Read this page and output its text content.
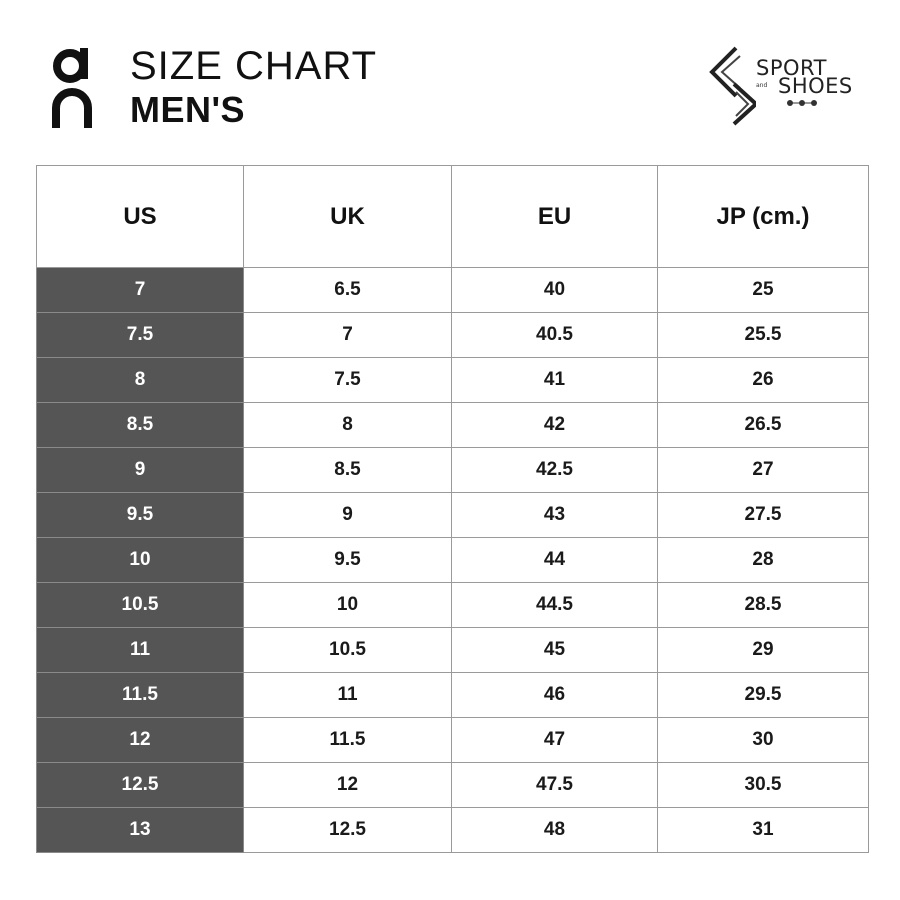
SIZE CHART
MEN'S
SPORT
and SHOES
US	UK	EU	JP (cm.)
7	6.5	40	25
7.5	7	40.5	25.5
8	7.5	41	26
8.5	8	42	26.5
9	8.5	42.5	27
9.5	9	43	27.5
10	9.5	44	28
10.5	10	44.5	28.5
11	10.5	45	29
11.5	11	46	29.5
12	11.5	47	30
12.5	12	47.5	30.5
13	12.5	48	31
